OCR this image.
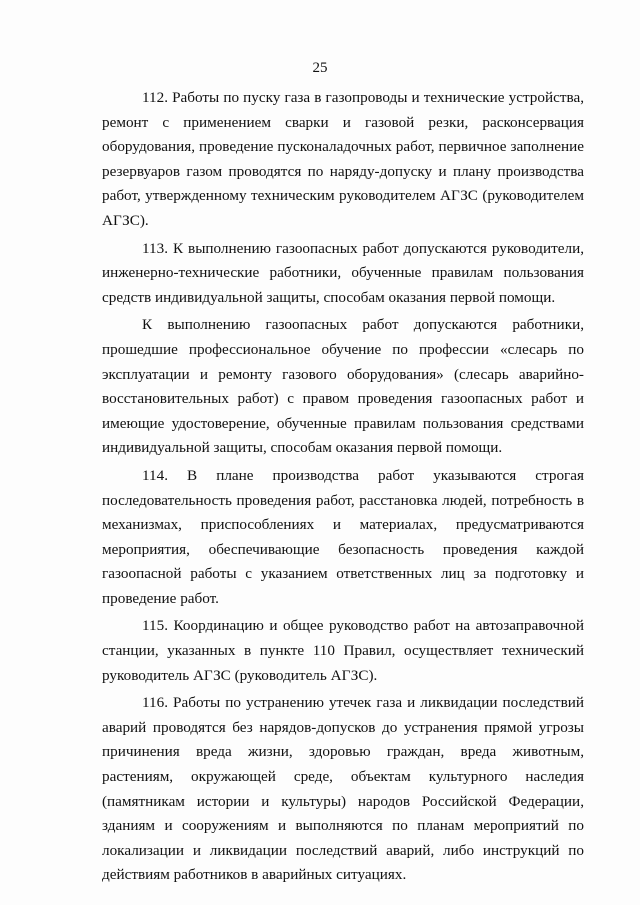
25

112. Работы по пуску газа в газопроводы и технические устройства, ремонт с применением сварки и газовой резки, расконсервация оборудования, проведение пусконаладочных работ, первичное заполнение резервуаров газом проводятся по наряду-допуску и плану производства работ, утвержденному техническим руководителем АГЗС (руководителем АГЗС).

113. К выполнению газоопасных работ допускаются руководители, инженерно-технические работники, обученные правилам пользования средств индивидуальной защиты, способам оказания первой помощи.

К выполнению газоопасных работ допускаются работники, прошедшие профессиональное обучение по профессии «слесарь по эксплуатации и ремонту газового оборудования» (слесарь аварийно-восстановительных работ) с правом проведения газоопасных работ и имеющие удостоверение, обученные правилам пользования средствами индивидуальной защиты, способам оказания первой помощи.

114. В плане производства работ указываются строгая последовательность проведения работ, расстановка людей, потребность в механизмах, приспособлениях и материалах, предусматриваются мероприятия, обеспечивающие безопасность проведения каждой газоопасной работы с указанием ответственных лиц за подготовку и проведение работ.

115. Координацию и общее руководство работ на автозаправочной станции, указанных в пункте 110 Правил, осуществляет технический руководитель АГЗС (руководитель АГЗС).

116. Работы по устранению утечек газа и ликвидации последствий аварий проводятся без нарядов-допусков до устранения прямой угрозы причинения вреда жизни, здоровью граждан, вреда животным, растениям, окружающей среде, объектам культурного наследия (памятникам истории и культуры) народов Российской Федерации, зданиям и сооружениям и выполняются по планам мероприятий по локализации и ликвидации последствий аварий, либо инструкций по действиям работников в аварийных ситуациях.
